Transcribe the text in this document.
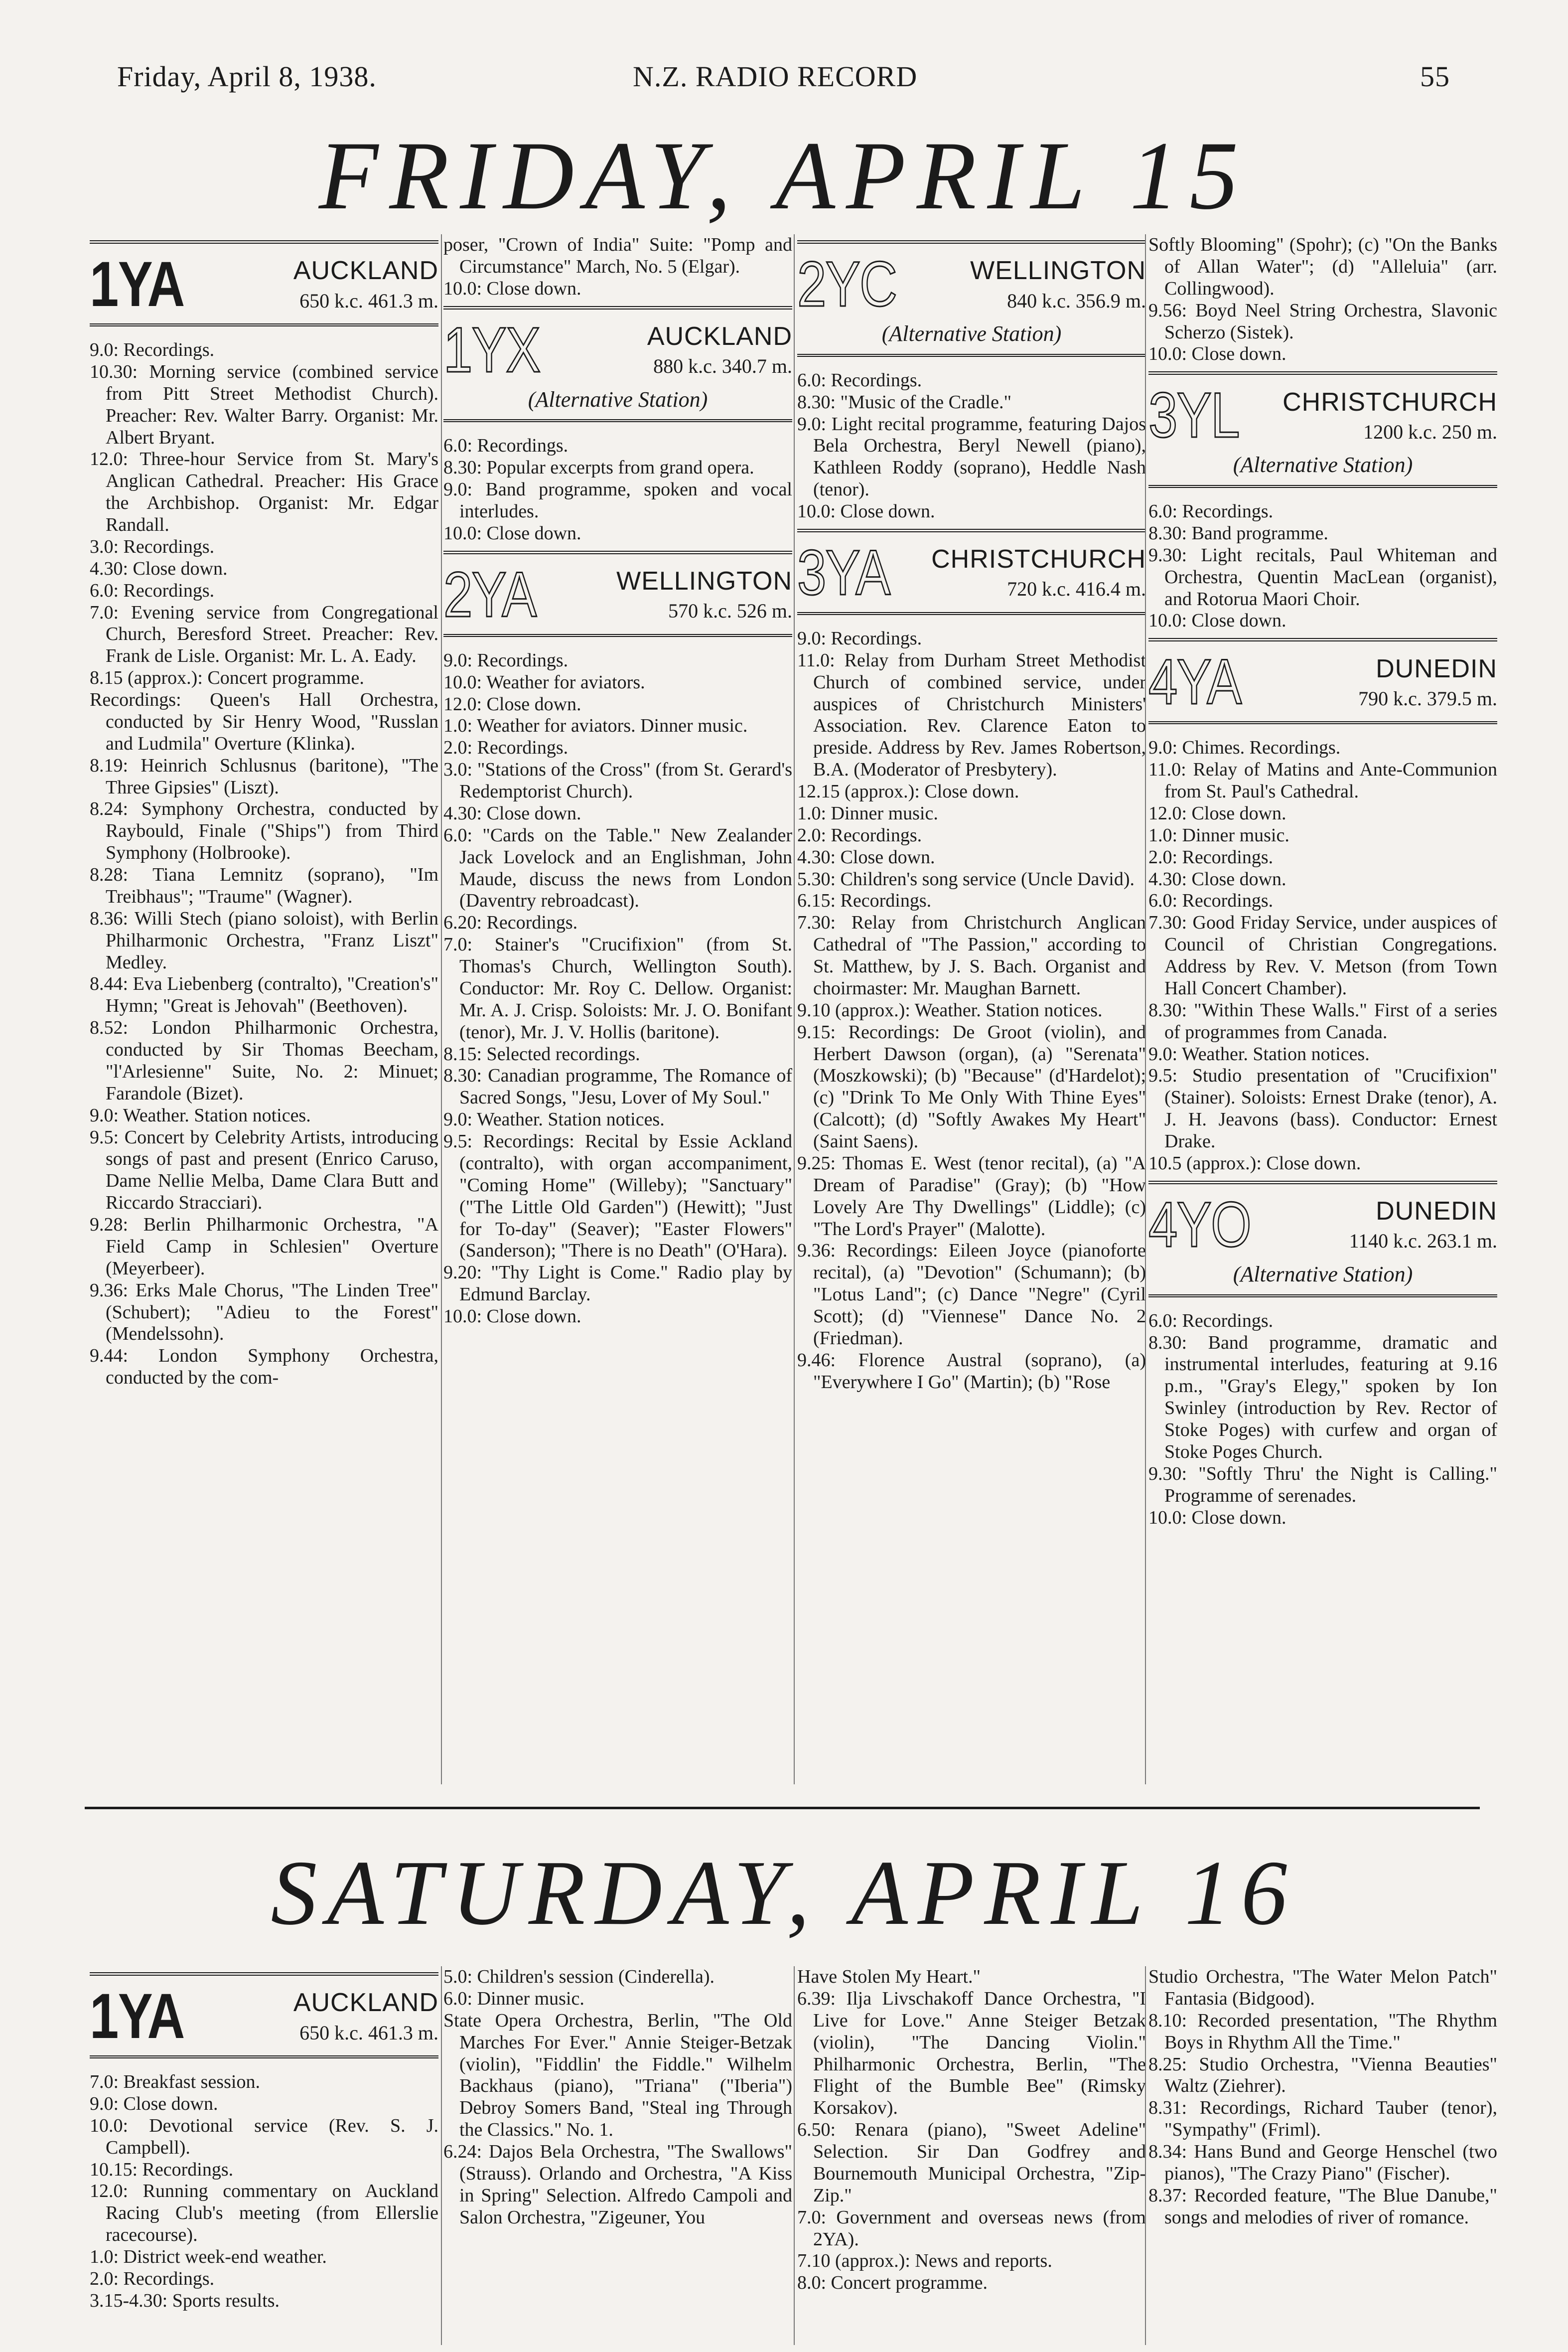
Friday, April 8, 1938.	N.Z. RADIO RECORD	55
FRIDAY, APRIL 15
1YA	AUCKLAND
650 k.c. 461.3 m.

9.0: Recordings.

10.30: Morning service (combined service from Pitt Street Methodist Church). Preacher: Rev. Walter Barry. Organist: Mr. Albert Bryant.

12.0: Three-hour Service from St. Mary's Anglican Cathedral. Preacher: His Grace the Archbishop. Organist: Mr. Edgar Randall.

3.0: Recordings.

4.30: Close down.

6.0: Recordings.

7.0: Evening service from Congregational Church, Beresford Street. Preacher: Rev. Frank de Lisle. Organist: Mr. L. A. Eady.

8.15 (approx.): Concert programme.

Recordings: Queen's Hall Orchestra, conducted by Sir Henry Wood, "Russlan and Ludmila" Overture (Klinka).

8.19: Heinrich Schlusnus (baritone), "The Three Gipsies" (Liszt).

8.24: Symphony Orchestra, conducted by Raybould, Finale ("Ships") from Third Symphony (Holbrooke).

8.28: Tiana Lemnitz (soprano), "Im Treibhaus"; "Traume" (Wagner).

8.36: Willi Stech (piano soloist), with Berlin Philharmonic Orchestra, "Franz Liszt" Medley.

8.44: Eva Liebenberg (contralto), "Creation's" Hymn; "Great is Jehovah" (Beethoven).

8.52: London Philharmonic Orchestra, conducted by Sir Thomas Beecham, "l'Arlesienne" Suite, No. 2: Minuet; Farandole (Bizet).

9.0: Weather. Station notices.

9.5: Concert by Celebrity Artists, introducing songs of past and present (Enrico Caruso, Dame Nellie Melba, Dame Clara Butt and Riccardo Stracciari).

9.28: Berlin Philharmonic Orchestra, "A Field Camp in Schlesien" Overture (Meyerbeer).

9.36: Erks Male Chorus, "The Linden Tree" (Schubert); "Adieu to the Forest" (Mendelssohn).

9.44: London Symphony Orchestra, conducted by the com-

poser, "Crown of India" Suite: "Pomp and Circumstance" March, No. 5 (Elgar).

10.0: Close down.

1YX	AUCKLAND
880 k.c. 340.7 m.
(Alternative Station)

6.0: Recordings.

8.30: Popular excerpts from grand opera.

9.0: Band programme, spoken and vocal interludes.

10.0: Close down.

2YA	WELLINGTON
570 k.c. 526 m.

9.0: Recordings.

10.0: Weather for aviators.

12.0: Close down.

1.0: Weather for aviators. Dinner music.

2.0: Recordings.

3.0: "Stations of the Cross" (from St. Gerard's Redemptorist Church).

4.30: Close down.

6.0: "Cards on the Table." New Zealander Jack Lovelock and an Englishman, John Maude, discuss the news from London (Daventry rebroadcast).

6.20: Recordings.

7.0: Stainer's "Crucifixion" (from St. Thomas's Church, Wellington South). Conductor: Mr. Roy C. Dellow. Organist: Mr. A. J. Crisp. Soloists: Mr. J. O. Bonifant (tenor), Mr. J. V. Hollis (baritone).

8.15: Selected recordings.

8.30: Canadian programme, The Romance of Sacred Songs, "Jesu, Lover of My Soul."

9.0: Weather. Station notices.

9.5: Recordings: Recital by Essie Ackland (contralto), with organ accompaniment, "Coming Home" (Willeby); "Sanctuary" ("The Little Old Garden") (Hewitt); "Just for To-day" (Seaver); "Easter Flowers" (Sanderson); "There is no Death" (O'Hara).

9.20: "Thy Light is Come." Radio play by Edmund Barclay.

10.0: Close down.

2YC	WELLINGTON
840 k.c. 356.9 m.
(Alternative Station)

6.0: Recordings.

8.30: "Music of the Cradle."

9.0: Light recital programme, featuring Dajos Bela Orchestra, Beryl Newell (piano), Kathleen Roddy (soprano), Heddle Nash (tenor).

10.0: Close down.

3YA	CHRISTCHURCH
720 k.c. 416.4 m.

9.0: Recordings.

11.0: Relay from Durham Street Methodist Church of combined service, under auspices of Christchurch Ministers' Association. Rev. Clarence Eaton to preside. Address by Rev. James Robertson, B.A. (Moderator of Presbytery).

12.15 (approx.): Close down.

1.0: Dinner music.

2.0: Recordings.

4.30: Close down.

5.30: Children's song service (Uncle David).

6.15: Recordings.

7.30: Relay from Christchurch Anglican Cathedral of "The Passion," according to St. Matthew, by J. S. Bach. Organist and choirmaster: Mr. Maughan Barnett.

9.10 (approx.): Weather. Station notices.

9.15: Recordings: De Groot (violin), and Herbert Dawson (organ), (a) "Serenata" (Moszkowski); (b) "Because" (d'Hardelot); (c) "Drink To Me Only With Thine Eyes" (Calcott); (d) "Softly Awakes My Heart" (Saint Saens).

9.25: Thomas E. West (tenor recital), (a) "A Dream of Paradise" (Gray); (b) "How Lovely Are Thy Dwellings" (Liddle); (c) "The Lord's Prayer" (Malotte).

9.36: Recordings: Eileen Joyce (pianoforte recital), (a) "Devotion" (Schumann); (b) "Lotus Land"; (c) Dance "Negre" (Cyril Scott); (d) "Viennese" Dance No. 2 (Friedman).

9.46: Florence Austral (soprano), (a) "Everywhere I Go" (Martin); (b) "Rose

Softly Blooming" (Spohr); (c) "On the Banks of Allan Water"; (d) "Alleluia" (arr. Collingwood).

9.56: Boyd Neel String Orchestra, Slavonic Scherzo (Sistek).

10.0: Close down.

3YL	CHRISTCHURCH
1200 k.c. 250 m.
(Alternative Station)

6.0: Recordings.

8.30: Band programme.

9.30: Light recitals, Paul Whiteman and Orchestra, Quentin MacLean (organist), and Rotorua Maori Choir.

10.0: Close down.

4YA	DUNEDIN
790 k.c. 379.5 m.

9.0: Chimes. Recordings.

11.0: Relay of Matins and Ante-Communion from St. Paul's Cathedral.

12.0: Close down.

1.0: Dinner music.

2.0: Recordings.

4.30: Close down.

6.0: Recordings.

7.30: Good Friday Service, under auspices of Council of Christian Congregations. Address by Rev. V. Metson (from Town Hall Concert Chamber).

8.30: "Within These Walls." First of a series of programmes from Canada.

9.0: Weather. Station notices.

9.5: Studio presentation of "Crucifixion" (Stainer). Soloists: Ernest Drake (tenor), A. J. H. Jeavons (bass). Conductor: Ernest Drake.

10.5 (approx.): Close down.

4YO	DUNEDIN
1140 k.c. 263.1 m.
(Alternative Station)

6.0: Recordings.

8.30: Band programme, dramatic and instrumental interludes, featuring at 9.16 p.m., "Gray's Elegy," spoken by Ion Swinley (introduction by Rev. Rector of Stoke Poges) with curfew and organ of Stoke Poges Church.

9.30: "Softly Thru' the Night is Calling." Programme of serenades.

10.0: Close down.

SATURDAY, APRIL 16
1YA	AUCKLAND
650 k.c. 461.3 m.

7.0: Breakfast session.

9.0: Close down.

10.0: Devotional service (Rev. S. J. Campbell).

10.15: Recordings.

12.0: Running commentary on Auckland Racing Club's meeting (from Ellerslie racecourse).

1.0: District week-end weather.

2.0: Recordings.

3.15-4.30: Sports results.

5.0: Children's session (Cinderella).

6.0: Dinner music.

State Opera Orchestra, Berlin, "The Old Marches For Ever." Annie Steiger-Betzak (violin), "Fiddlin' the Fiddle." Wilhelm Backhaus (piano), "Triana" ("Iberia") Debroy Somers Band, "Steal ing Through the Classics." No. 1.

6.24: Dajos Bela Orchestra, "The Swallows" (Strauss). Orlando and Orchestra, "A Kiss in Spring" Selection. Alfredo Campoli and Salon Orchestra, "Zigeuner, You

Have Stolen My Heart."

6.39: Ilja Livschakoff Dance Orchestra, "I Live for Love." Anne Steiger Betzak (violin), "The Dancing Violin." Philharmonic Orchestra, Berlin, "The Flight of the Bumble Bee" (Rimsky Korsakov).

6.50: Renara (piano), "Sweet Adeline" Selection. Sir Dan Godfrey and Bournemouth Municipal Orchestra, "Zip-Zip."

7.0: Government and overseas news (from 2YA).

7.10 (approx.): News and reports.

8.0: Concert programme.

Studio Orchestra, "The Water Melon Patch" Fantasia (Bidgood).

8.10: Recorded presentation, "The Rhythm Boys in Rhythm All the Time."

8.25: Studio Orchestra, "Vienna Beauties" Waltz (Ziehrer).

8.31: Recordings, Richard Tauber (tenor), "Sympathy" (Friml).

8.34: Hans Bund and George Henschel (two pianos), "The Crazy Piano" (Fischer).

8.37: Recorded feature, "The Blue Danube," songs and melodies of river of romance.
